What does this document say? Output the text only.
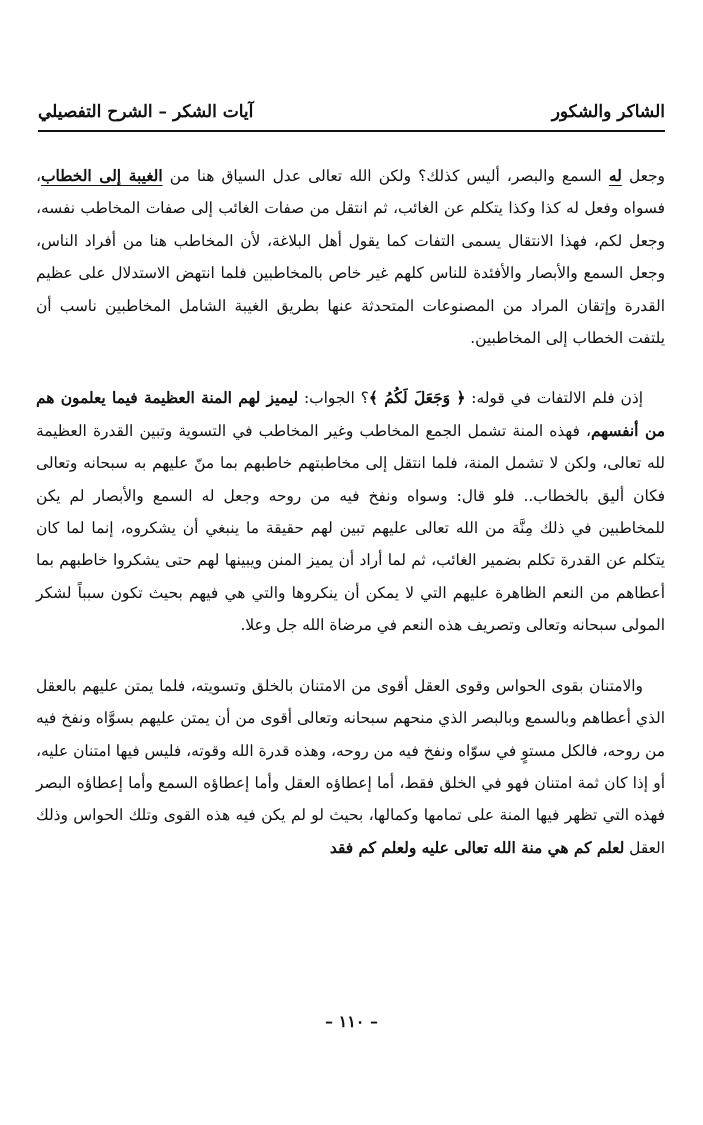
الشاكر والشكور
آيات الشكر – الشرح التفصيلي

وجعل له السمع والبصر، أليس كذلك؟ ولكن الله تعالى عدل السياق هنا من الغيبة إلى الخطاب، فسواه وفعل له كذا وكذا يتكلم عن الغائب، ثم انتقل من صفات الغائب إلى صفات المخاطب نفسه، وجعل لكم، فهذا الانتقال يسمى التفات كما يقول أهل البلاغة، لأن المخاطب هنا من أفراد الناس، وجعل السمع والأبصار والأفئدة للناس كلهم غير خاص بالمخاطبين فلما انتهض الاستدلال على عظيم القدرة وإتقان المراد من المصنوعات المتحدثة عنها بطريق الغيبة الشامل المخاطبين ناسب أن يلتفت الخطاب إلى المخاطبين.

إذن فلم الالتفات في قوله: ﴿ وَجَعَلَ لَكُمُ ﴾؟ الجواب: ليميز لهم المنة العظيمة فيما يعلمون هم من أنفسهم، فهذه المنة تشمل الجمع المخاطب وغير المخاطب في التسوية وتبين القدرة العظيمة لله تعالى، ولكن لا تشمل المنة، فلما انتقل إلى مخاطبتهم خاطبهم بما منّ عليهم به سبحانه وتعالى فكان أليق بالخطاب.. فلو قال: وسواه ونفخ فيه من روحه وجعل له السمع والأبصار لم يكن للمخاطبين في ذلك مِنَّة من الله تعالى عليهم تبين لهم حقيقة ما ينبغي أن يشكروه، إنما لما كان يتكلم عن القدرة تكلم بضمير الغائب، ثم لما أراد أن يميز المنن ويبينها لهم حتى يشكروا خاطبهم بما أعطاهم من النعم الظاهرة عليهم التي لا يمكن أن ينكروها والتي هي فيهم بحيث تكون سبباً لشكر المولى سبحانه وتعالى وتصريف هذه النعم في مرضاة الله جل وعلا.

والامتنان بقوى الحواس وقوى العقل أقوى من الامتنان بالخلق وتسويته، فلما يمتن عليهم بالعقل الذي أعطاهم وبالسمع وبالبصر الذي منحهم سبحانه وتعالى أقوى من أن يمتن عليهم بسوَّاه ونفخ فيه من روحه، فالكل مستوٍ في سوّاه ونفخ فيه من روحه، وهذه قدرة الله وقوته، فليس فيها امتنان عليه، أو إذا كان ثمة امتنان فهو في الخلق فقط، أما إعطاؤه العقل وأما إعطاؤه السمع وأما إعطاؤه البصر فهذه التي تظهر فيها المنة على تمامها وكمالها، بحيث لو لم يكن فيه هذه القوى وتلك الحواس وذلك العقل لعلم كم هي منة الله تعالى عليه ولعلم كم فقد

– ١١٠ –
